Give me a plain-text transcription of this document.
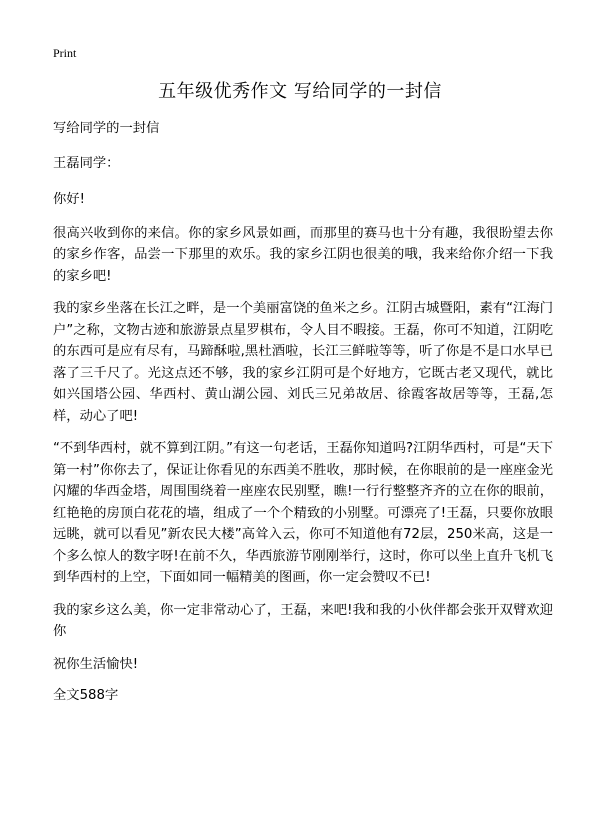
Print
五年级优秀作文 写给同学的一封信

写给同学的一封信

王磊同学：

你好!

很高兴收到你的来信。你的家乡风景如画，而那里的赛马也十分有趣，我很盼望去你的家乡作客，品尝一下那里的欢乐。我的家乡江阴也很美的哦，我来给你介绍一下我的家乡吧!

我的家乡坐落在长江之畔，是一个美丽富饶的鱼米之乡。江阴古城暨阳，素有“江海门户”之称，文物古迹和旅游景点星罗棋布，令人目不暇接。王磊，你可不知道，江阴吃的东西可是应有尽有，马蹄酥啦,黑杜酒啦，长江三鲜啦等等，听了你是不是口水早已落了三千尺了。光这点还不够，我的家乡江阴可是个好地方，它既古老又现代，就比如兴国塔公园、华西村、黄山湖公园、刘氏三兄弟故居、徐霞客故居等等，王磊,怎样，动心了吧!

“不到华西村，就不算到江阴。”有这一句老话，王磊你知道吗?江阴华西村，可是“天下第一村”你你去了，保证让你看见的东西美不胜收，那时候，在你眼前的是一座座金光闪耀的华西金塔，周围围绕着一座座农民别墅，瞧!一行行整整齐齐的立在你的眼前，红艳艳的房顶白花花的墙，组成了一个个精致的小别墅。可漂亮了!王磊，只要你放眼远眺，就可以看见”新农民大楼”高耸入云，你可不知道他有72层，250米高，这是一个多么惊人的数字呀!在前不久，华西旅游节刚刚举行，这时，你可以坐上直升飞机飞到华西村的上空，下面如同一幅精美的图画，你一定会赞叹不已!

我的家乡这么美，你一定非常动心了，王磊，来吧!我和我的小伙伴都会张开双臂欢迎你

祝你生活愉快!

全文588字
